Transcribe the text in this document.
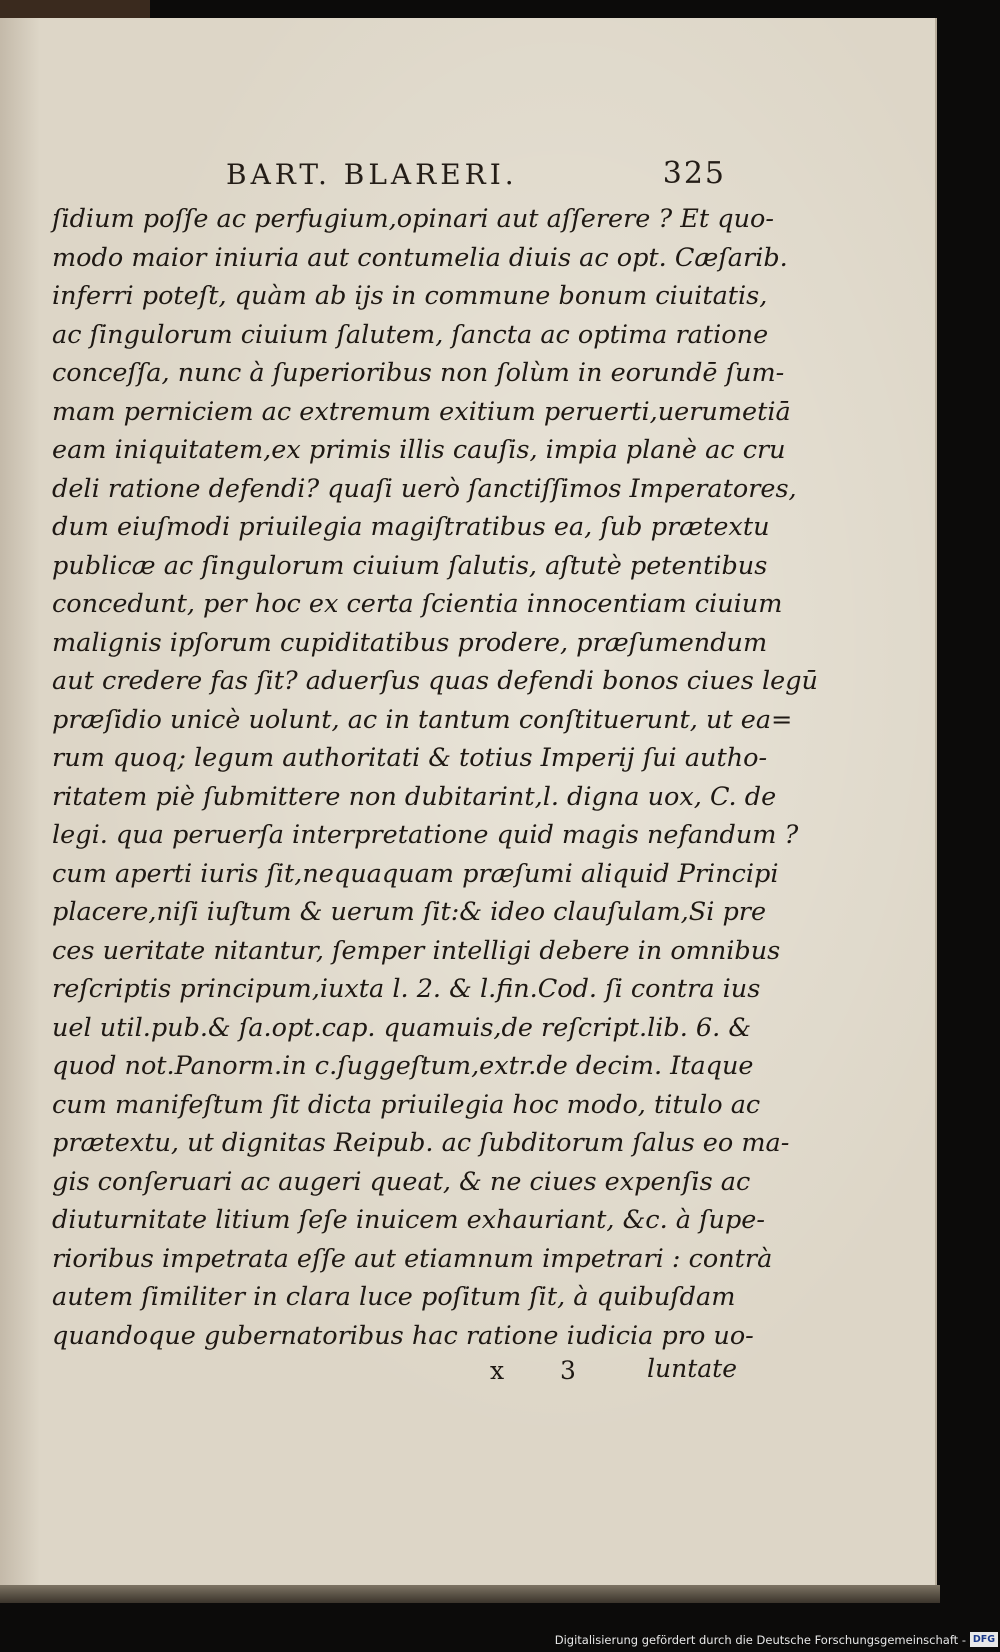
BART. BLARERI.	325
ſidium poſſe ac perfugium,opinari aut aſſerere ? Et quo-
modo maior iniuria aut contumelia diuis ac opt. Cæſarib.
inferri poteſt, quàm ab ijs in commune bonum ciuitatis,
ac ſingulorum ciuium ſalutem, ſancta ac optima ratione
conceſſa, nunc à ſuperioribus non ſolùm in eorundē ſum-
mam perniciem ac extremum exitium peruerti,uerumetiā
eam iniquitatem,ex primis illis cauſis, impia planè ac cru
deli ratione defendi? quaſi uerò ſanctiſſimos Imperatores,
dum eiuſmodi priuilegia magiſtratibus ea, ſub prætextu
publicæ ac ſingulorum ciuium ſalutis, aſtutè petentibus
concedunt, per hoc ex certa ſcientia innocentiam ciuium
malignis ipſorum cupiditatibus prodere, præſumendum
aut credere fas ſit? aduerſus quas defendi bonos ciues legū
præſidio unicè uolunt, ac in tantum conſtituerunt, ut ea=
rum quoq; legum authoritati & totius Imperij ſui autho-
ritatem piè ſubmittere non dubitarint,l. digna uox, C. de
legi. qua peruerſa interpretatione quid magis nefandum ?
cum aperti iuris ſit,nequaquam præſumi aliquid Principi
placere,niſi iuſtum & uerum ſit:& ideo clauſulam,Si pre
ces ueritate nitantur, ſemper intelligi debere in omnibus
reſcriptis principum,iuxta l. 2. & l.fin.Cod. ſi contra ius
uel util.pub.& ſa.opt.cap. quamuis,de reſcript.lib. 6. &
quod not.Panorm.in c.ſuggeſtum,extr.de decim. Itaque
cum manifeſtum ſit dicta priuilegia hoc modo, titulo ac
prætextu, ut dignitas Reipub. ac ſubditorum ſalus eo ma-
gis conſeruari ac augeri queat, & ne ciues expenſis ac
diuturnitate litium ſeſe inuicem exhauriant, &c. à ſupe-
rioribus impetrata eſſe aut etiamnum impetrari : contrà
autem ſimiliter in clara luce poſitum ſit, à quibuſdam
quandoque gubernatoribus hac ratione iudicia pro uo-
x 3 luntate
Digitalisierung gefördert durch die Deutsche Forschungsgemeinschaft - DFG
